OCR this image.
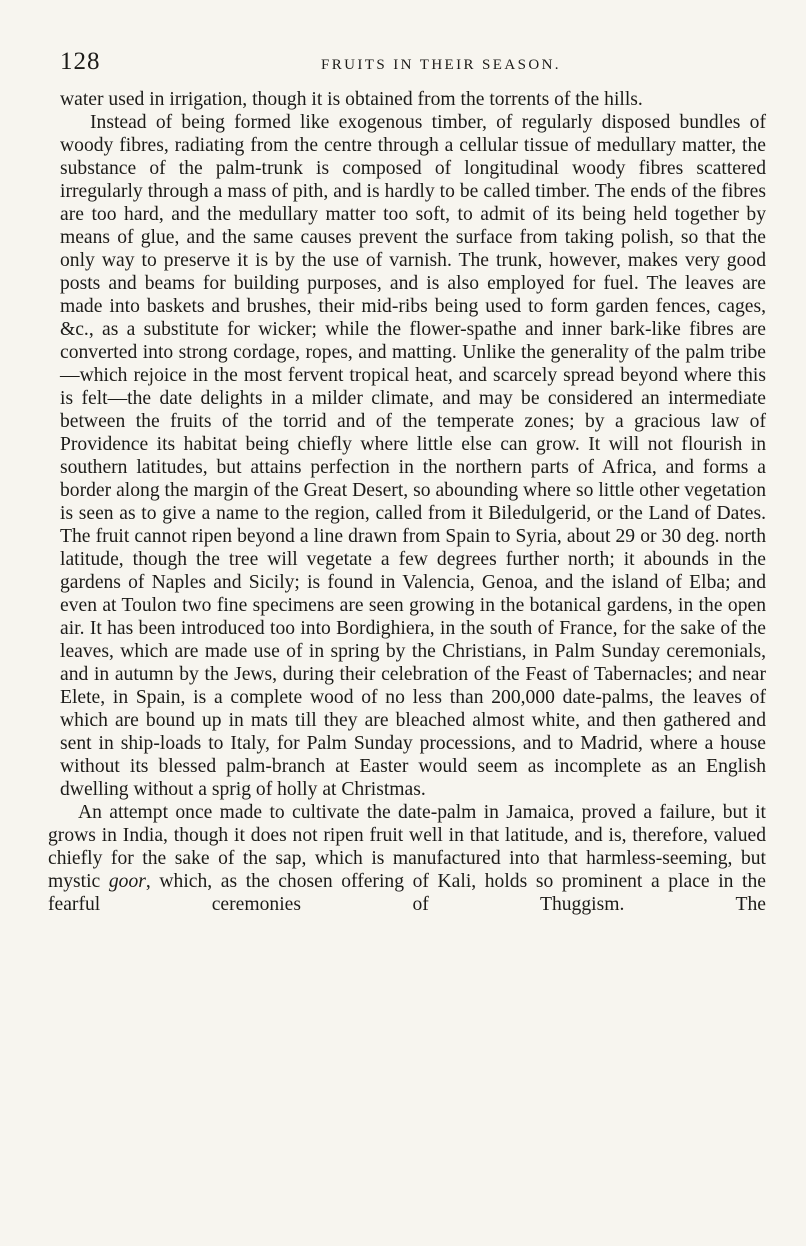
128	FRUITS IN THEIR SEASON.

water used in irrigation, though it is obtained from the torrents of the hills.

Instead of being formed like exogenous timber, of regularly disposed bundles of woody fibres, radiating from the centre through a cellular tissue of medullary matter, the substance of the palm-trunk is composed of longitudinal woody fibres scattered irregularly through a mass of pith, and is hardly to be called timber. The ends of the fibres are too hard, and the medullary matter too soft, to admit of its being held together by means of glue, and the same causes prevent the surface from taking polish, so that the only way to preserve it is by the use of varnish. The trunk, however, makes very good posts and beams for building purposes, and is also employed for fuel. The leaves are made into baskets and brushes, their mid-ribs being used to form garden fences, cages, &c., as a substitute for wicker; while the flower-spathe and inner bark-like fibres are converted into strong cordage, ropes, and matting. Unlike the generality of the palm tribe—which rejoice in the most fervent tropical heat, and scarcely spread beyond where this is felt—the date delights in a milder climate, and may be considered an intermediate between the fruits of the torrid and of the temperate zones; by a gracious law of Providence its habitat being chiefly where little else can grow. It will not flourish in southern latitudes, but attains perfection in the northern parts of Africa, and forms a border along the margin of the Great Desert, so abounding where so little other vegetation is seen as to give a name to the region, called from it Biledulgerid, or the Land of Dates. The fruit cannot ripen beyond a line drawn from Spain to Syria, about 29 or 30 deg. north latitude, though the tree will vegetate a few degrees further north; it abounds in the gardens of Naples and Sicily; is found in Valencia, Genoa, and the island of Elba; and even at Toulon two fine specimens are seen growing in the botanical gardens, in the open air. It has been introduced too into Bordighiera, in the south of France, for the sake of the leaves, which are made use of in spring by the Christians, in Palm Sunday ceremonials, and in autumn by the Jews, during their celebration of the Feast of Tabernacles; and near Elete, in Spain, is a complete wood of no less than 200,000 date-palms, the leaves of which are bound up in mats till they are bleached almost white, and then gathered and sent in ship-loads to Italy, for Palm Sunday processions, and to Madrid, where a house without its blessed palm-branch at Easter would seem as incomplete as an English dwelling without a sprig of holly at Christmas.

An attempt once made to cultivate the date-palm in Jamaica, proved a failure, but it grows in India, though it does not ripen fruit well in that latitude, and is, therefore, valued chiefly for the sake of the sap, which is manufactured into that harmless-seeming, but mystic goor, which, as the chosen offering of Kali, holds so prominent a place in the fearful ceremonies of Thuggism. The
